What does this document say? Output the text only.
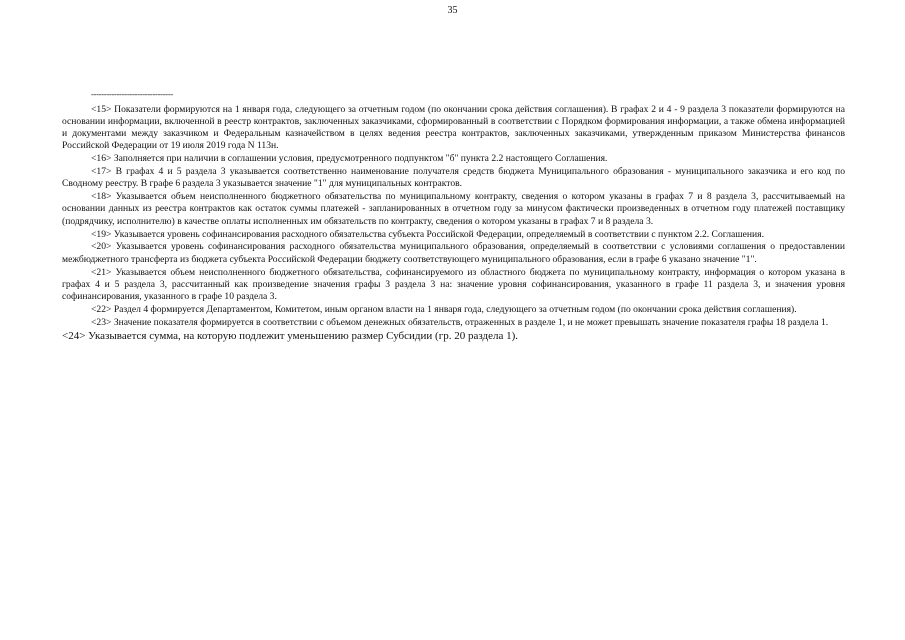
35
--------------------------------

<15> Показатели формируются на 1 января года, следующего за отчетным годом (по окончании срока действия соглашения). В графах 2 и 4 - 9 раздела 3 показатели формируются на основании информации, включенной в реестр контрактов, заключенных заказчиками, сформированный в соответствии с Порядком формирования информации, а также обмена информацией и документами между заказчиком и Федеральным казначейством в целях ведения реестра контрактов, заключенных заказчиками, утвержденным приказом Министерства финансов Российской Федерации от 19 июля 2019 года N 113н.

<16> Заполняется при наличии в соглашении условия, предусмотренного подпунктом "б" пункта 2.2 настоящего Соглашения.

<17> В графах 4 и 5 раздела 3 указывается соответственно наименование получателя средств бюджета Муниципального образования - муниципального заказчика и его код по Сводному реестру. В графе 6 раздела 3 указывается значение "1" для муниципальных контрактов.

<18> Указывается объем неисполненного бюджетного обязательства по муниципальному контракту, сведения о котором указаны в графах 7 и 8 раздела 3, рассчитываемый на основании данных из реестра контрактов как остаток суммы платежей - запланированных в отчетном году за минусом фактически произведенных в отчетном году платежей поставщику (подрядчику, исполнителю) в качестве оплаты исполненных им обязательств по контракту, сведения о котором указаны в графах 7 и 8 раздела 3.

<19> Указывается уровень софинансирования расходного обязательства субъекта Российской Федерации, определяемый в соответствии с пунктом 2.2. Соглашения.

<20> Указывается уровень софинансирования расходного обязательства муниципального образования, определяемый в соответствии с условиями соглашения о предоставлении межбюджетного трансферта из бюджета субъекта Российской Федерации бюджету соответствующего муниципального образования, если в графе 6 указано значение "1".

<21> Указывается объем неисполненного бюджетного обязательства, софинансируемого из областного бюджета по муниципальному контракту, информация о котором указана в графах 4 и 5 раздела 3, рассчитанный как произведение значения графы 3 раздела 3 на: значение уровня софинансирования, указанного в графе 11 раздела 3, и значения уровня софинансирования, указанного в графе 10 раздела 3.

<22> Раздел 4 формируется Департаментом, Комитетом, иным органом власти на 1 января года, следующего за отчетным годом (по окончании срока действия соглашения).

<23> Значение показателя формируется в соответствии с объемом денежных обязательств, отраженных в разделе 1, и не может превышать значение показателя графы 18 раздела 1.

<24> Указывается сумма, на которую подлежит уменьшению размер Субсидии (гр. 20 раздела 1).
